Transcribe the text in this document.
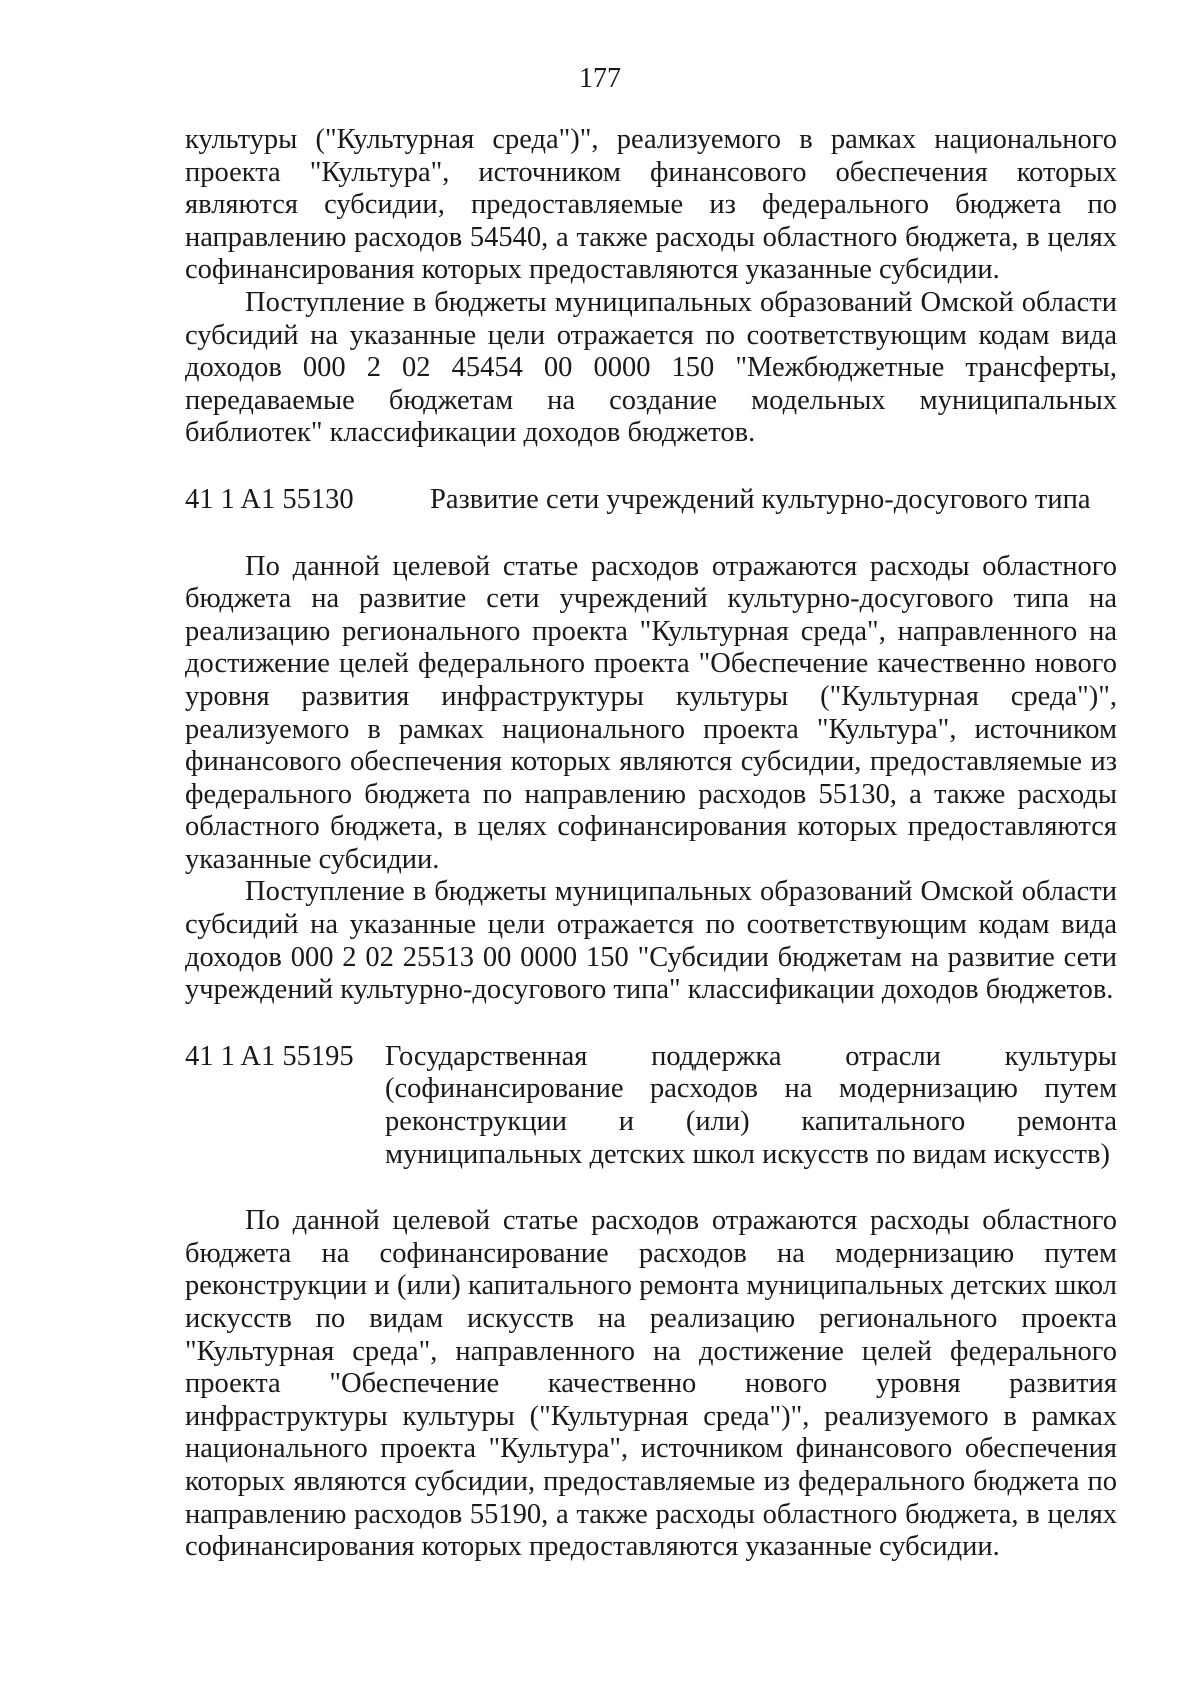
177

культуры ("Культурная среда")", реализуемого в рамках национального проекта "Культура", источником финансового обеспечения которых являются субсидии, предоставляемые из федерального бюджета по направлению расходов 54540, а также расходы областного бюджета, в целях софинансирования которых предоставляются указанные субсидии.

Поступление в бюджеты муниципальных образований Омской области субсидий на указанные цели отражается по соответствующим кодам вида доходов 000 2 02 45454 00 0000 150 "Межбюджетные трансферты, передаваемые бюджетам на создание модельных муниципальных библиотек" классификации доходов бюджетов.

41 1 A1 55130	Развитие сети учреждений культурно-досугового типа

По данной целевой статье расходов отражаются расходы областного бюджета на развитие сети учреждений культурно-досугового типа на реализацию регионального проекта "Культурная среда", направленного на достижение целей федерального проекта "Обеспечение качественно нового уровня развития инфраструктуры культуры ("Культурная среда")", реализуемого в рамках национального проекта "Культура", источником финансового обеспечения которых являются субсидии, предоставляемые из федерального бюджета по направлению расходов 55130, а также расходы областного бюджета, в целях софинансирования которых предоставляются указанные субсидии.

Поступление в бюджеты муниципальных образований Омской области субсидий на указанные цели отражается по соответствующим кодам вида доходов 000 2 02 25513 00 0000 150 "Субсидии бюджетам на развитие сети учреждений культурно-досугового типа" классификации доходов бюджетов.

41 1 A1 55195	Государственная поддержка отрасли культуры (софинансирование расходов на модернизацию путем реконструкции и (или) капитального ремонта муниципальных детских школ искусств по видам искусств)

По данной целевой статье расходов отражаются расходы областного бюджета на софинансирование расходов на модернизацию путем реконструкции и (или) капитального ремонта муниципальных детских школ искусств по видам искусств на реализацию регионального проекта "Культурная среда", направленного на достижение целей федерального проекта "Обеспечение качественно нового уровня развития инфраструктуры культуры ("Культурная среда")", реализуемого в рамках национального проекта "Культура", источником финансового обеспечения которых являются субсидии, предоставляемые из федерального бюджета по направлению расходов 55190, а также расходы областного бюджета, в целях софинансирования которых предоставляются указанные субсидии.
